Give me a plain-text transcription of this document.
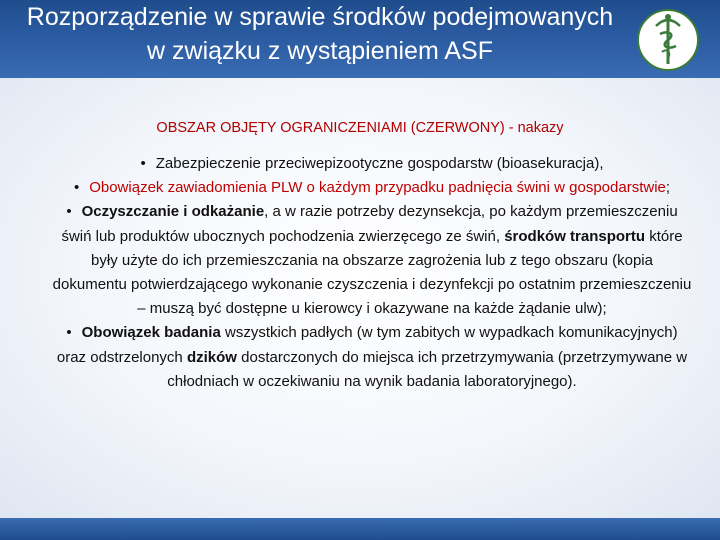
Rozporządzenie w sprawie środków podejmowanych w związku z wystąpieniem ASF
OBSZAR OBJĘTY OGRANICZENIAMI (CZERWONY) - nakazy

• Zabezpieczenie przeciwepizootyczne gospodarstw (bioasekuracja),

• Obowiązek zawiadomienia PLW o każdym przypadku padnięcia świni w gospodarstwie;

• Oczyszczanie i odkażanie, a w razie potrzeby dezynsekcja, po każdym przemieszczeniu świń lub produktów ubocznych pochodzenia zwierzęcego ze świń, środków transportu które były użyte do ich przemieszczania na obszarze zagrożenia lub z tego obszaru (kopia dokumentu potwierdzającego wykonanie czyszczenia i dezynfekcji po ostatnim przemieszczeniu – muszą być dostępne u kierowcy i okazywane na każde żądanie ulw);

• Obowiązek badania wszystkich padłych (w tym zabitych w wypadkach komunikacyjnych) oraz odstrzelonych dzików dostarczonych do miejsca ich przetrzymywania (przetrzymywane w chłodniach w oczekiwaniu na wynik badania laboratoryjnego).
